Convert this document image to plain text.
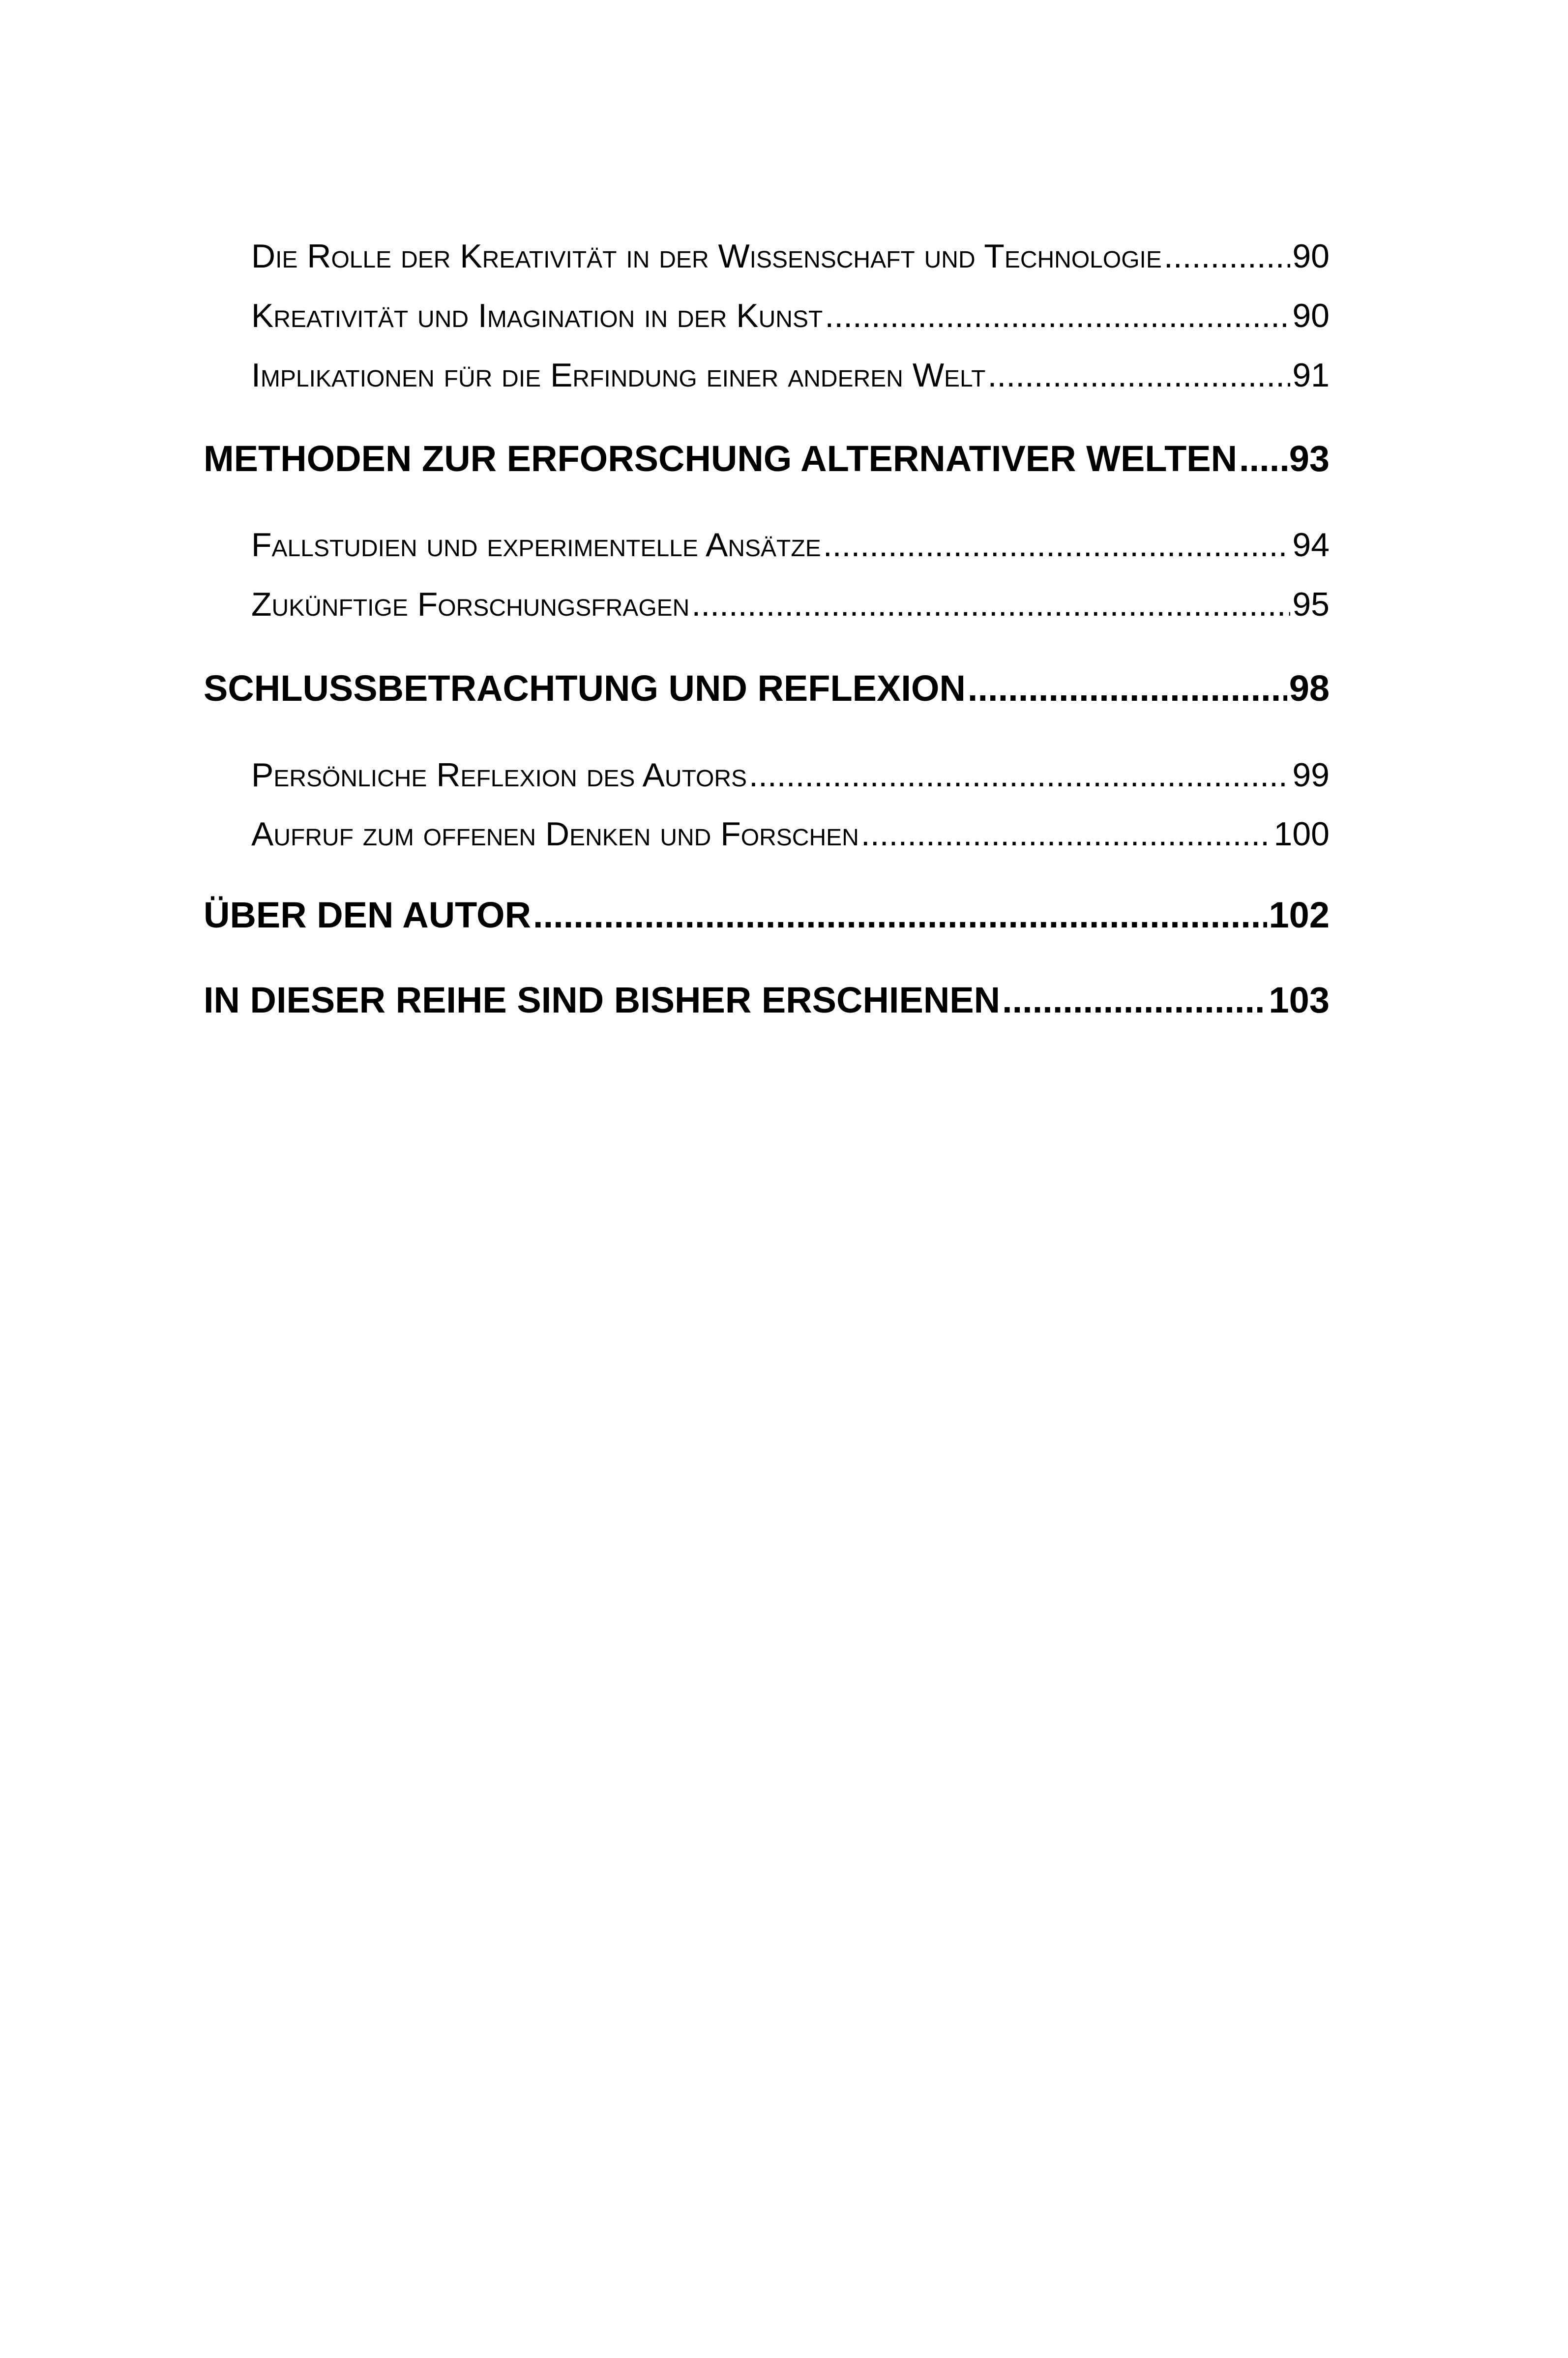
Die Rolle der Kreativität in der Wissenschaft und Technologie .....	90
Kreativität und Imagination in der Kunst .....	90
Implikationen für die Erfindung einer anderen Welt .....	91
METHODEN ZUR ERFORSCHUNG ALTERNATIVER WELTEN ..... 93
Fallstudien und experimentelle Ansätze .....	94
Zukünftige Forschungsfragen .....	95
SCHLUSSBETRACHTUNG UND REFLEXION .....	98
Persönliche Reflexion des Autors .....	99
Aufruf zum offenen Denken und Forschen .....	100
ÜBER DEN AUTOR .....	102
IN DIESER REIHE SIND BISHER ERSCHIENEN .....	103
